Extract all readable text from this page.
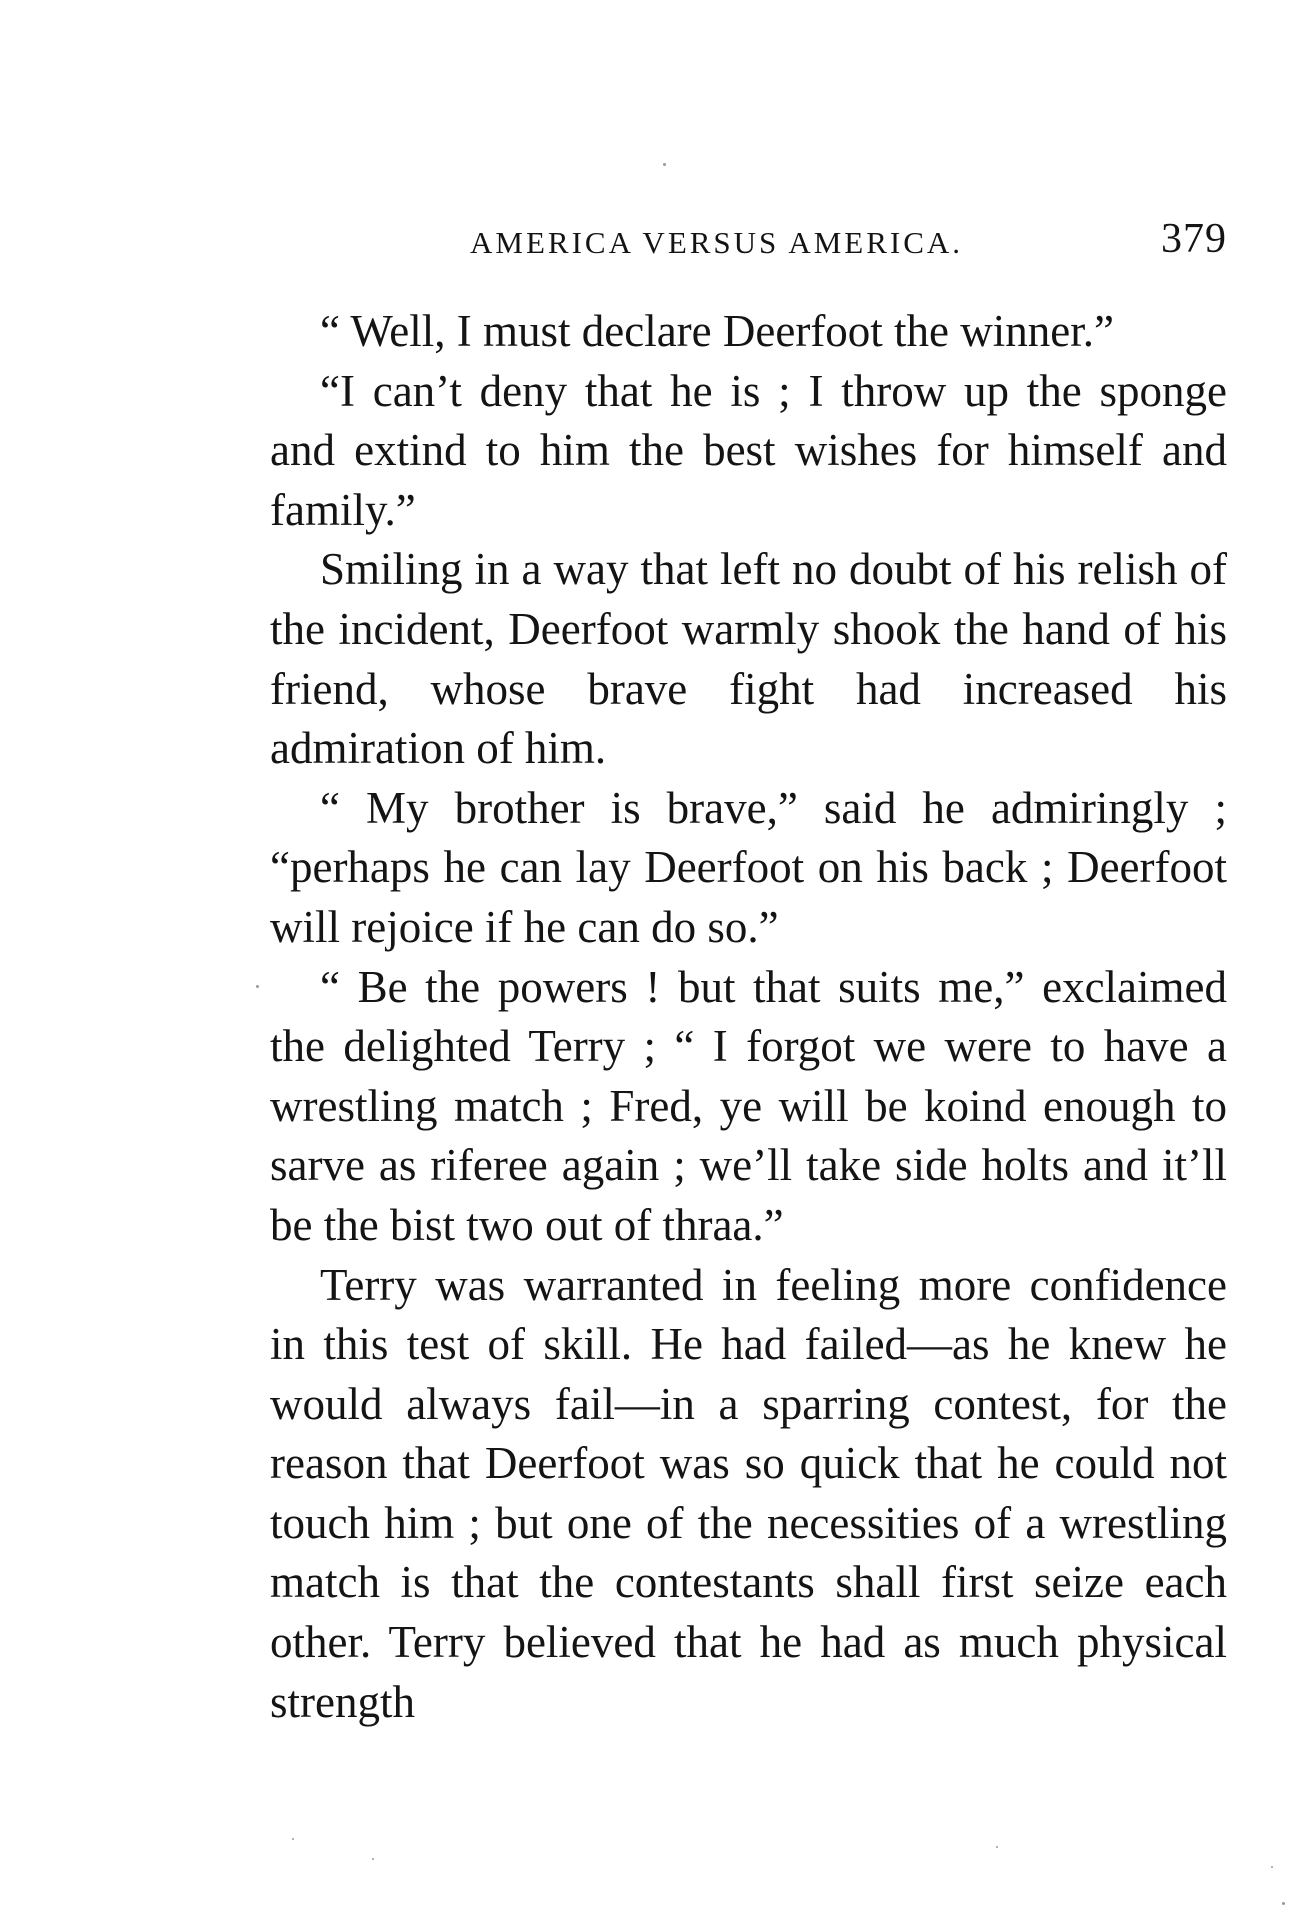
AMERICA VERSUS AMERICA.	379

“ Well, I must declare Deerfoot the winner.”

“I can’t deny that he is ; I throw up the sponge and extind to him the best wishes for himself and family.”

Smiling in a way that left no doubt of his relish of the incident, Deerfoot warmly shook the hand of his friend, whose brave fight had increased his admiration of him.

“ My brother is brave,” said he admiringly ; “perhaps he can lay Deerfoot on his back ; Deerfoot will rejoice if he can do so.”

“ Be the powers ! but that suits me,” exclaimed the delighted Terry ; “ I forgot we were to have a wrestling match ; Fred, ye will be koind enough to sarve as riferee again ; we’ll take side holts and it’ll be the bist two out of thraa.”

Terry was warranted in feeling more confidence in this test of skill. He had failed—as he knew he would always fail—in a sparring contest, for the reason that Deerfoot was so quick that he could not touch him ; but one of the necessities of a wrestling match is that the contestants shall first seize each other. Terry believed that he had as much physical strength
